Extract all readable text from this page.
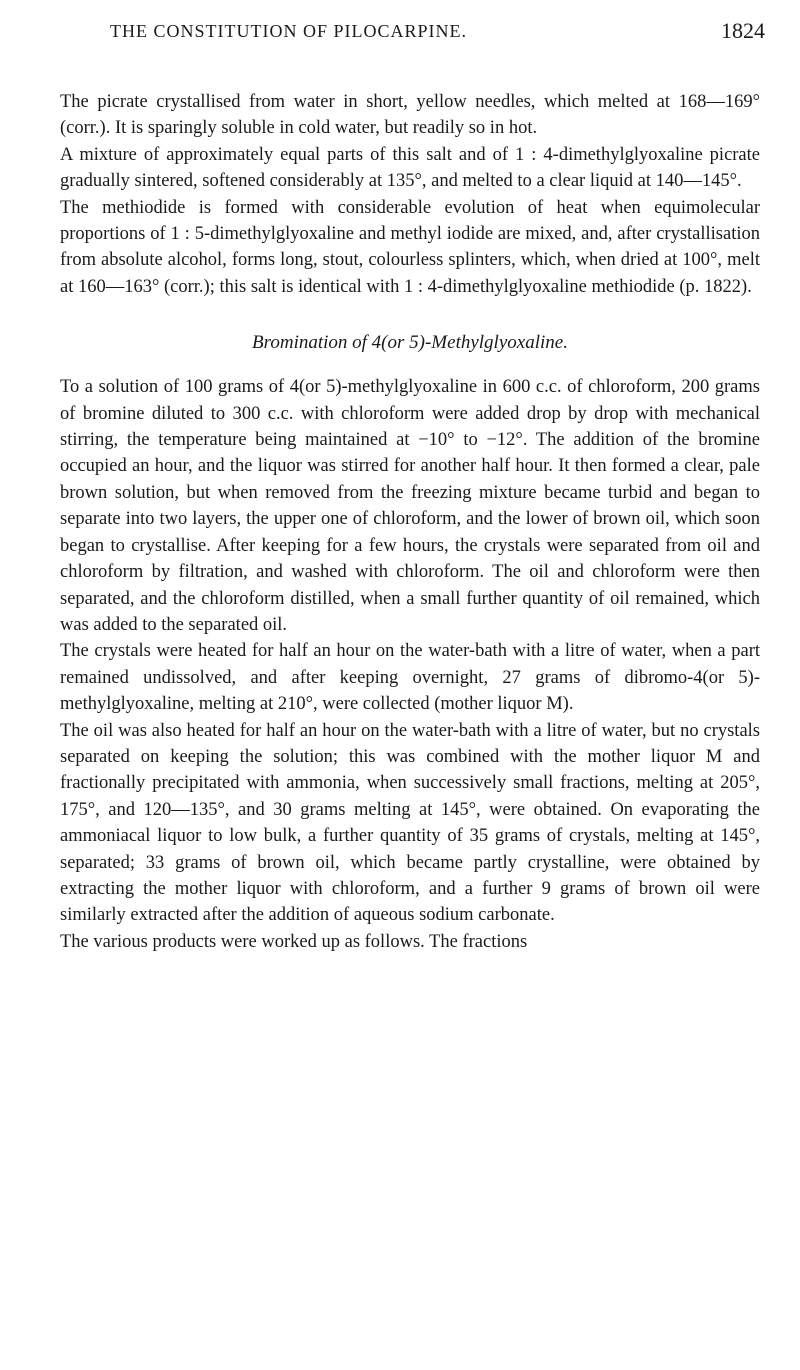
THE CONSTITUTION OF PILOCARPINE.	1824

The picrate crystallised from water in short, yellow needles, which melted at 168—169° (corr.). It is sparingly soluble in cold water, but readily so in hot.

A mixture of approximately equal parts of this salt and of 1 : 4-dimethylglyoxaline picrate gradually sintered, softened considerably at 135°, and melted to a clear liquid at 140—145°.

The methiodide is formed with considerable evolution of heat when equimolecular proportions of 1 : 5-dimethylglyoxaline and methyl iodide are mixed, and, after crystallisation from absolute alcohol, forms long, stout, colourless splinters, which, when dried at 100°, melt at 160—163° (corr.); this salt is identical with 1 : 4-dimethylglyoxaline methiodide (p. 1822).

Bromination of 4(or 5)-Methylglyoxaline.

To a solution of 100 grams of 4(or 5)-methylglyoxaline in 600 c.c. of chloroform, 200 grams of bromine diluted to 300 c.c. with chloroform were added drop by drop with mechanical stirring, the temperature being maintained at −10° to −12°. The addition of the bromine occupied an hour, and the liquor was stirred for another half hour. It then formed a clear, pale brown solution, but when removed from the freezing mixture became turbid and began to separate into two layers, the upper one of chloroform, and the lower of brown oil, which soon began to crystallise. After keeping for a few hours, the crystals were separated from oil and chloroform by filtration, and washed with chloroform. The oil and chloroform were then separated, and the chloroform distilled, when a small further quantity of oil remained, which was added to the separated oil.

The crystals were heated for half an hour on the water-bath with a litre of water, when a part remained undissolved, and after keeping overnight, 27 grams of dibromo-4(or 5)-methylglyoxaline, melting at 210°, were collected (mother liquor M).

The oil was also heated for half an hour on the water-bath with a litre of water, but no crystals separated on keeping the solution; this was combined with the mother liquor M and fractionally precipitated with ammonia, when successively small fractions, melting at 205°, 175°, and 120—135°, and 30 grams melting at 145°, were obtained. On evaporating the ammoniacal liquor to low bulk, a further quantity of 35 grams of crystals, melting at 145°, separated; 33 grams of brown oil, which became partly crystalline, were obtained by extracting the mother liquor with chloroform, and a further 9 grams of brown oil were similarly extracted after the addition of aqueous sodium carbonate.

The various products were worked up as follows. The fractions
